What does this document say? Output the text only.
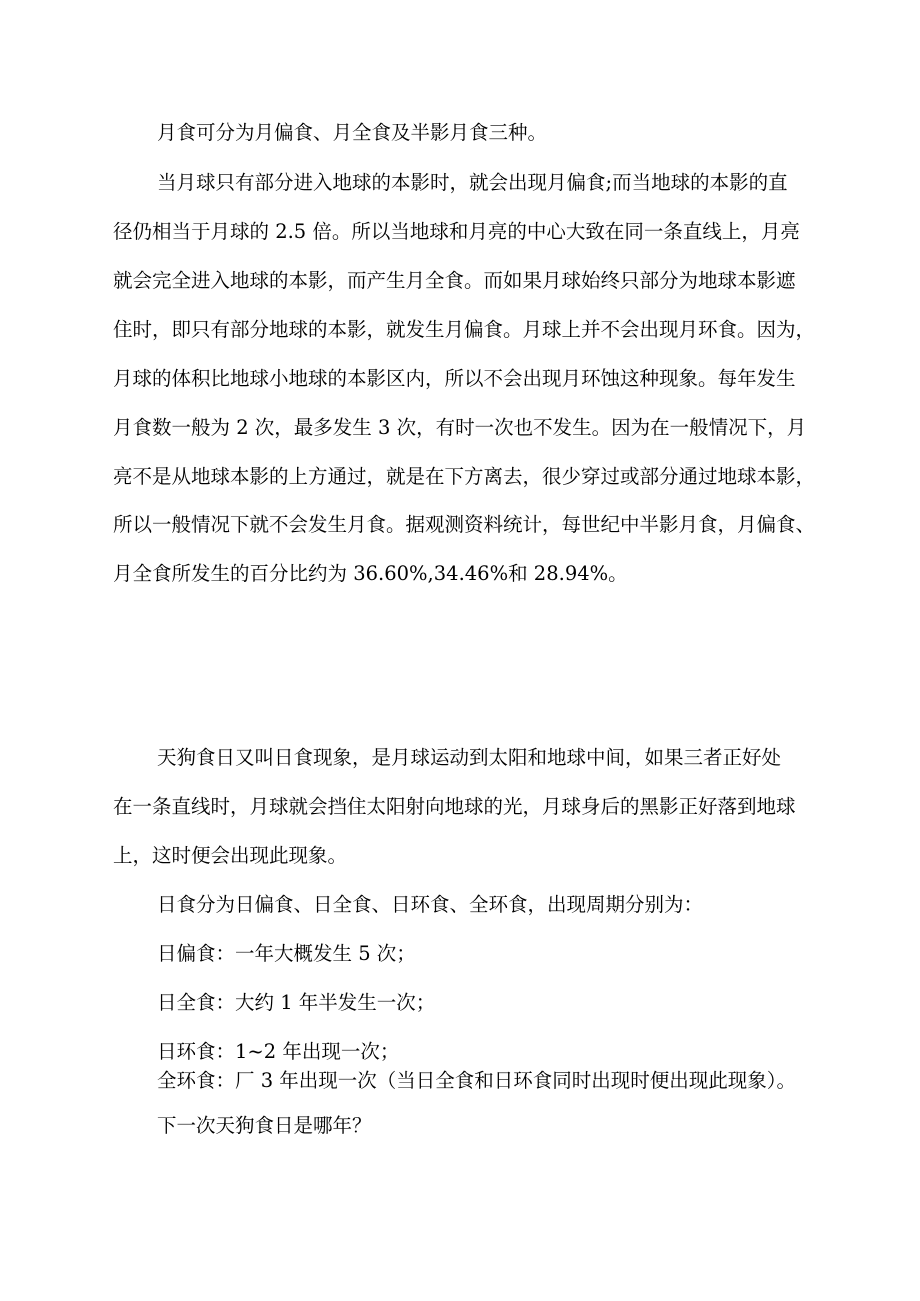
月食可分为月偏食、月全食及半影月食三种。

当月球只有部分进入地球的本影时，就会出现月偏食;而当地球的本影的直

径仍相当于月球的 2.5 倍。所以当地球和月亮的中心大致在同一条直线上，月亮

就会完全进入地球的本影，而产生月全食。而如果月球始终只部分为地球本影遮

住时，即只有部分地球的本影，就发生月偏食。月球上并不会出现月环食。因为，

月球的体积比地球小地球的本影区内，所以不会出现月环蚀这种现象。每年发生

月食数一般为 2 次，最多发生 3 次，有时一次也不发生。因为在一般情况下，月

亮不是从地球本影的上方通过，就是在下方离去，很少穿过或部分通过地球本影，

所以一般情况下就不会发生月食。据观测资料统计，每世纪中半影月食，月偏食、

月全食所发生的百分比约为 36.60%,34.46%和 28.94%。

天狗食日又叫日食现象，是月球运动到太阳和地球中间，如果三者正好处

在一条直线时，月球就会挡住太阳射向地球的光，月球身后的黑影正好落到地球

上，这时便会出现此现象。

日食分为日偏食、日全食、日环食、全环食，出现周期分别为：

日偏食：一年大概发生 5 次；

日全食：大约 1 年半发生一次；

日环食：1~2 年出现一次；

全环食：厂 3 年出现一次（当日全食和日环食同时出现时便出现此现象）。

下一次天狗食日是哪年？
